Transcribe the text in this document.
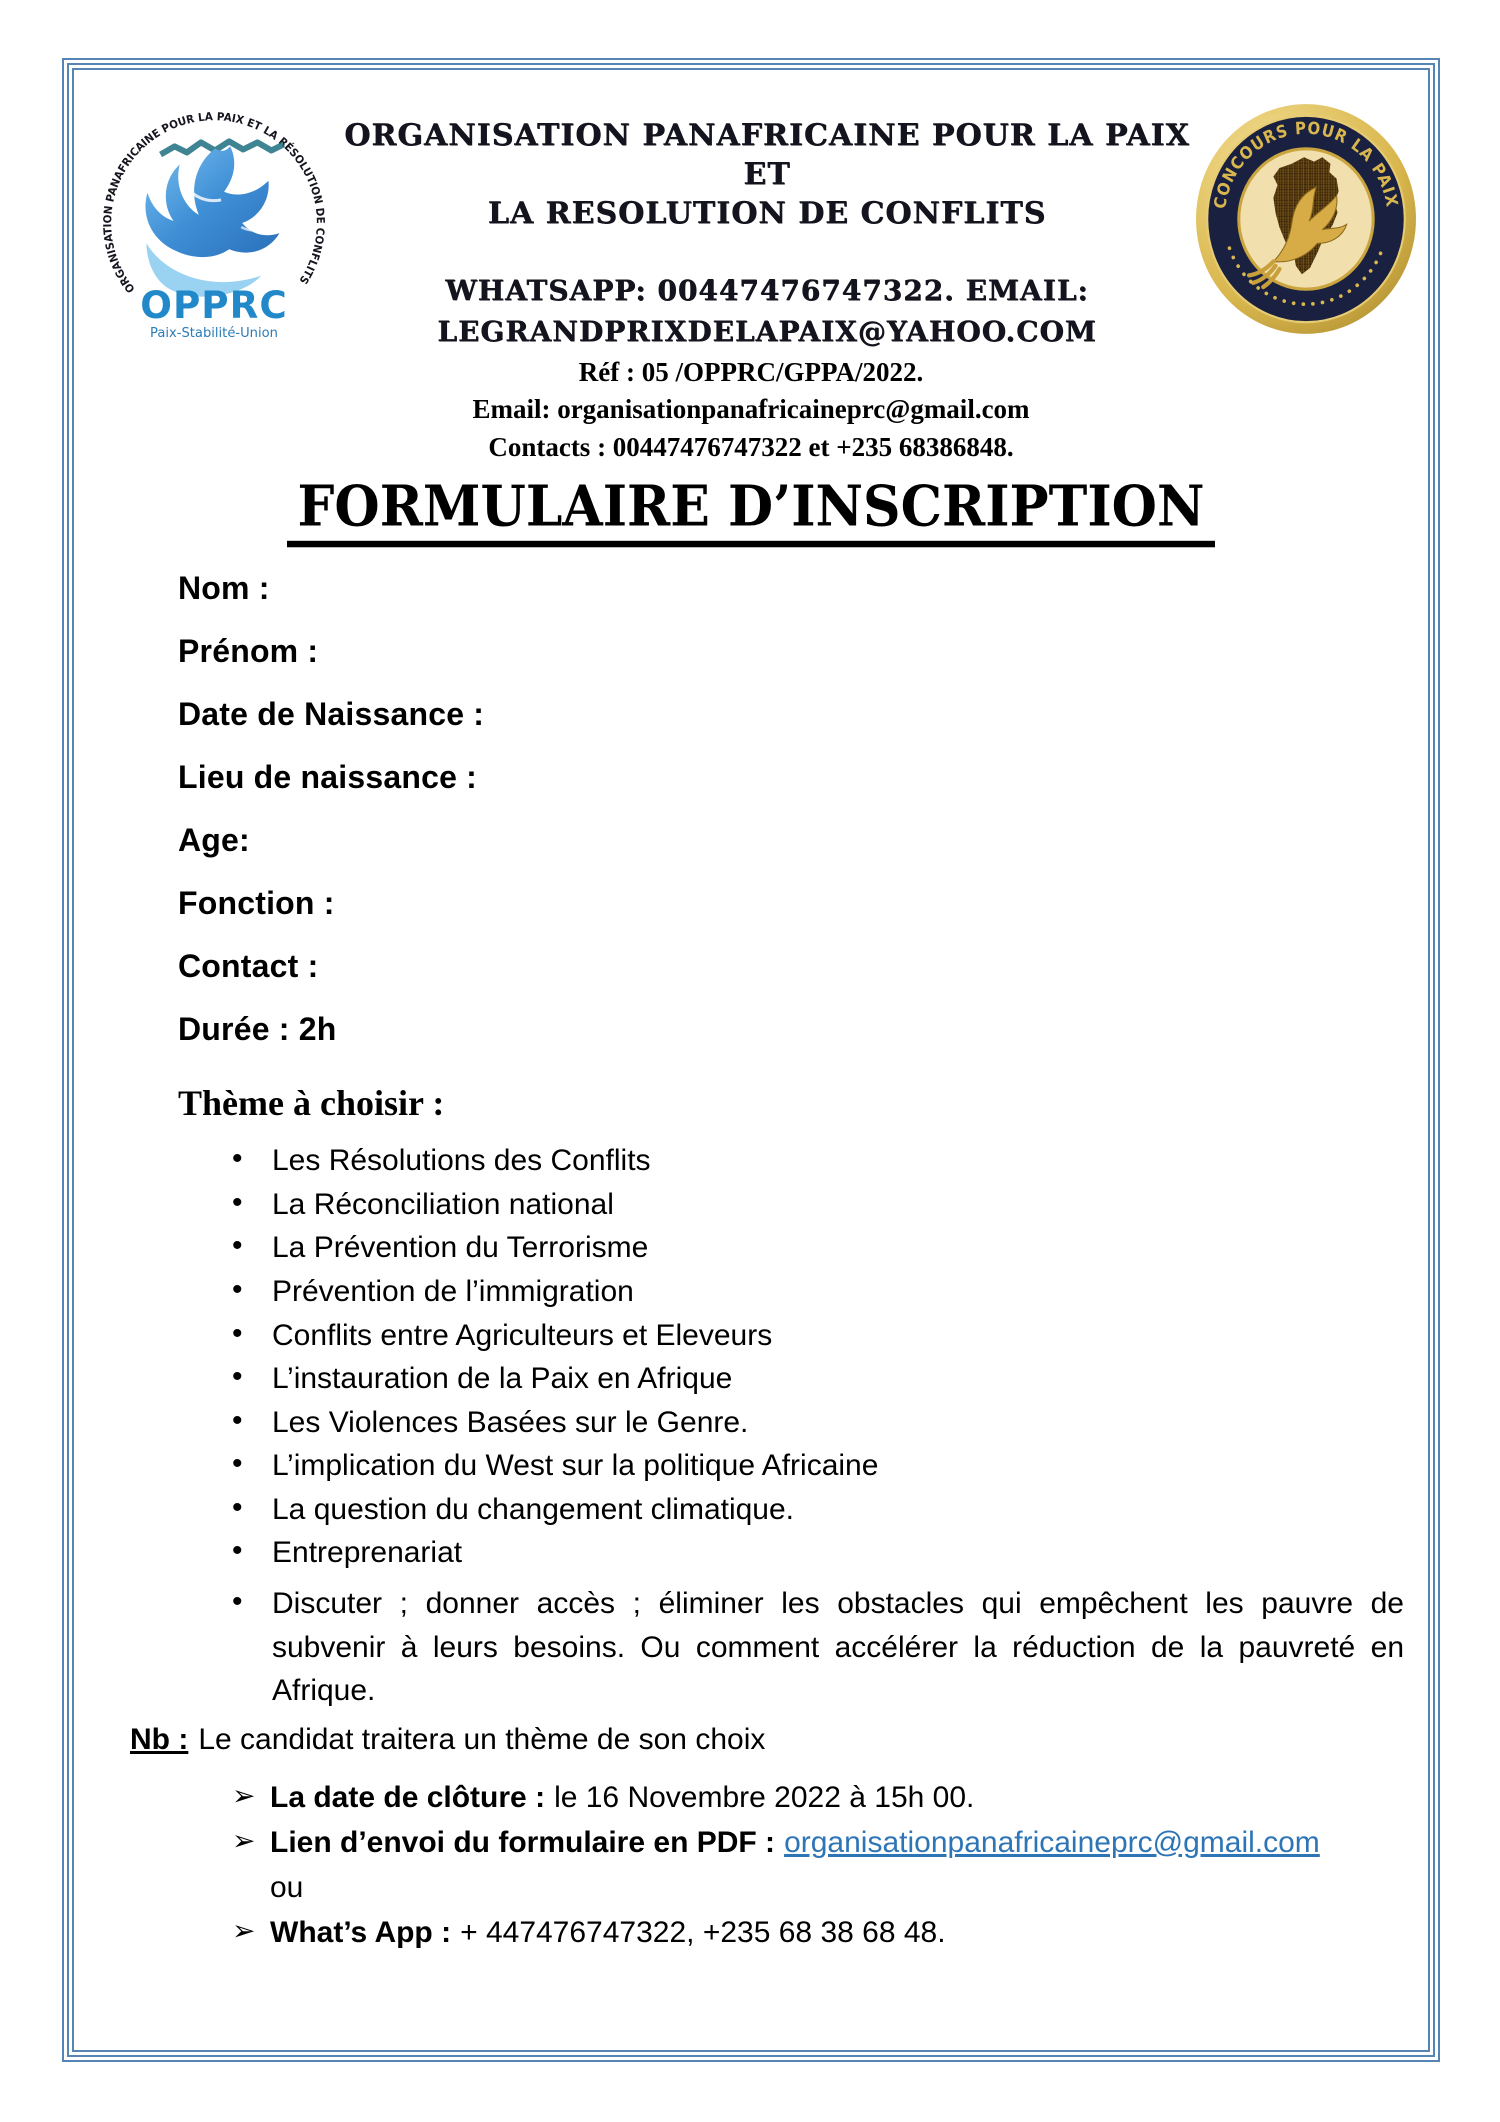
ORGANISATION PANAFRICAINE POUR LA PAIX ET LA RÉSOLUTION DE CONFLITS
OPPRC
Paix-Stabilité-Union
ORGANISATION PANAFRICAINE POUR LA PAIX ET
LA RESOLUTION DE CONFLITS
WHATSAPP: 00447476747322. EMAIL:
LEGRANDPRIXDELAPAIX@YAHOO.COM
CONCOURS POUR LA PAIX
Réf : 05 /OPPRC/GPPA/2022.
Email: organisationpanafricaineprc@gmail.com
Contacts : 00447476747322 et +235 68386848.
FORMULAIRE D’INSCRIPTION
Nom :
Prénom :
Date de Naissance :
Lieu de naissance :
Age:
Fonction :
Contact :
Durée : 2h
Thème à choisir :
• Les Résolutions des Conflits
• La Réconciliation national
• La Prévention du Terrorisme
• Prévention de l’immigration
• Conflits entre Agriculteurs et Eleveurs
• L’instauration de la Paix en Afrique
• Les Violences Basées sur le Genre.
• L’implication du West sur la politique Africaine
• La question du changement climatique.
• Entreprenariat
• Discuter ; donner accès ; éliminer les obstacles qui empêchent les pauvre de subvenir à leurs besoins. Ou comment accélérer la réduction de la pauvreté en Afrique.
Nb : Le candidat traitera un thème de son choix
➢ La date de clôture : le 16 Novembre 2022 à 15h 00.
➢ Lien d’envoi du formulaire en PDF : organisationpanafricaineprc@gmail.com
ou
➢ What’s App : + 447476747322, +235 68 38 68 48.
